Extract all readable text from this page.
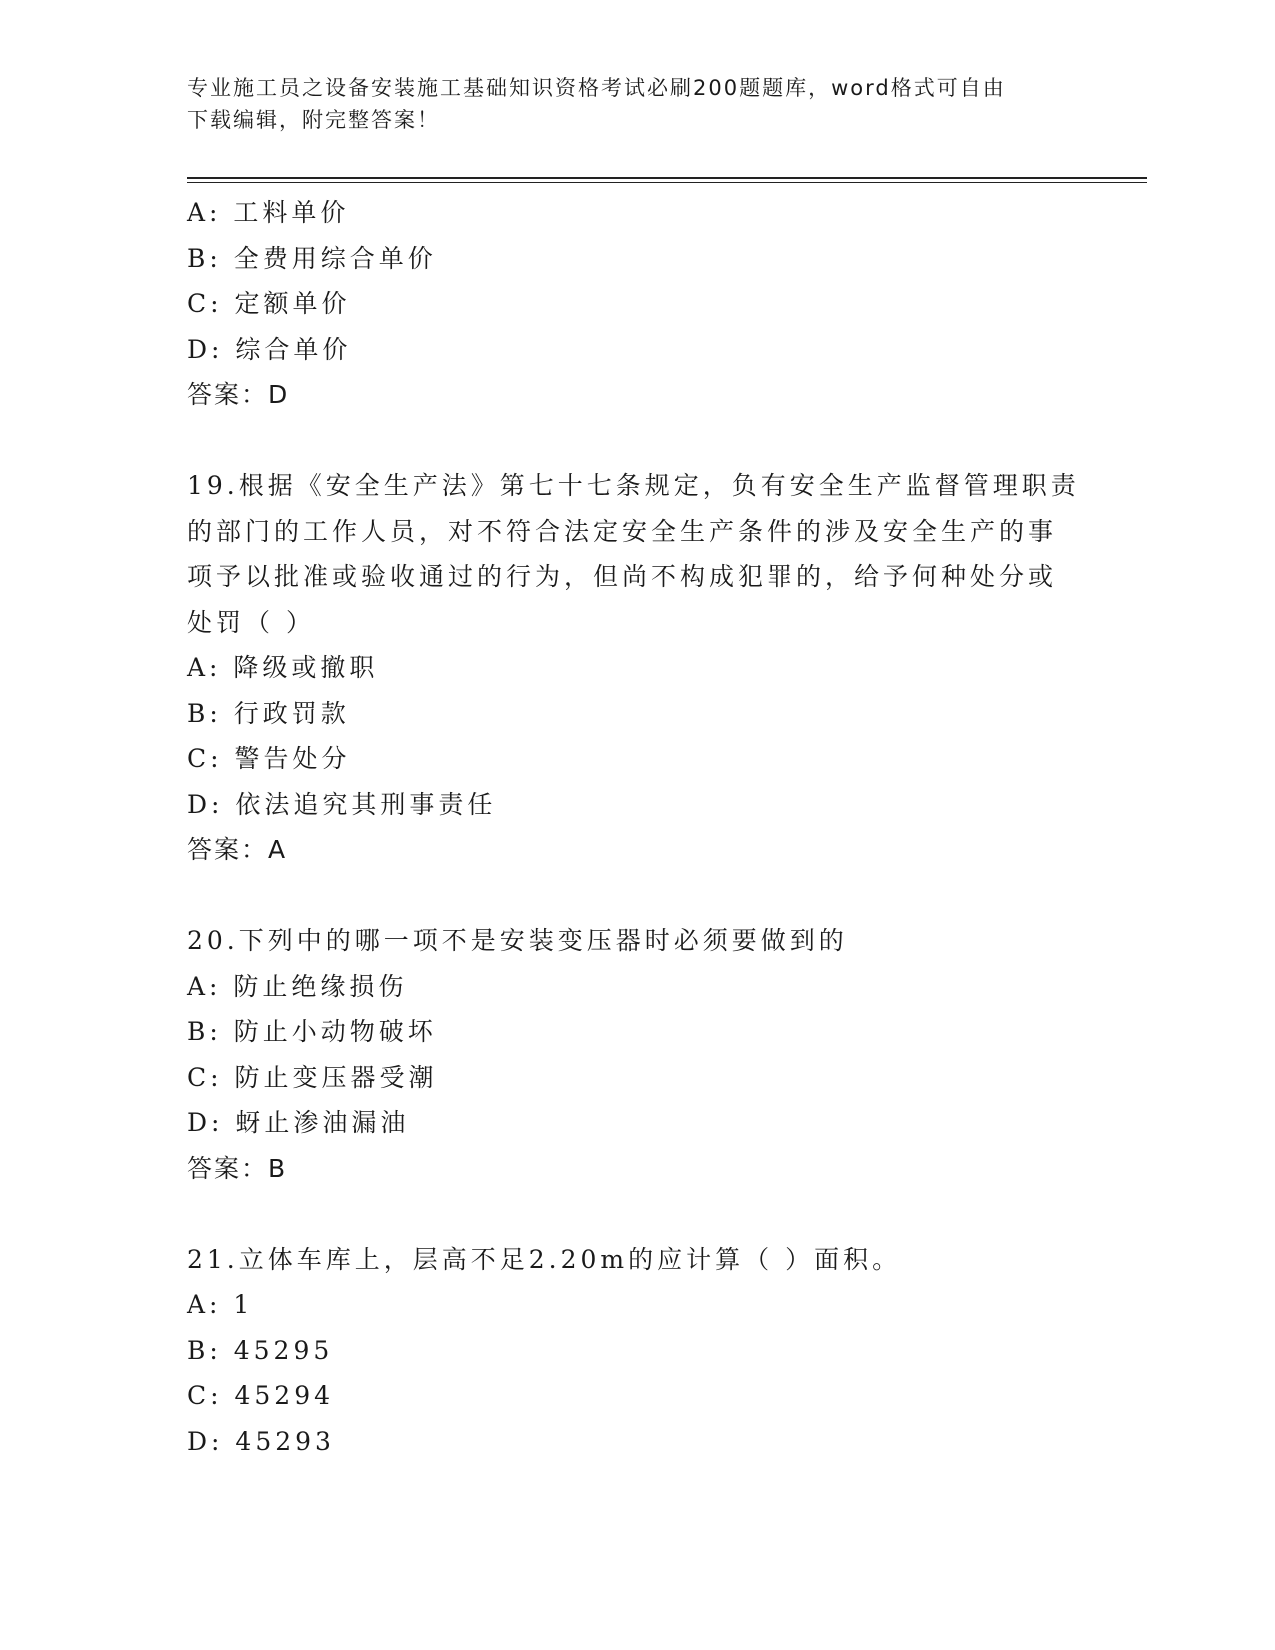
专业施工员之设备安装施工基础知识资格考试必刷200题题库，word格式可自由
下载编辑，附完整答案！
A: 工料单价
B: 全费用综合单价
C: 定额单价
D: 综合单价
答案：D
19.根据《安全生产法》第七十七条规定，负有安全生产监督管理职责
的部门的工作人员，对不符合法定安全生产条件的涉及安全生产的事
项予以批准或验收通过的行为，但尚不构成犯罪的，给予何种处分或
处罚（ ）
A: 降级或撤职
B: 行政罚款
C: 警告处分
D: 依法追究其刑事责任
答案：A
20.下列中的哪一项不是安装变压器时必须要做到的
A: 防止绝缘损伤
B: 防止小动物破坏
C: 防止变压器受潮
D: 蚜止渗油漏油
答案：B
21.立体车库上，层高不足2.20m的应计算（ ）面积。
A: 1
B: 45295
C: 45294
D: 45293
